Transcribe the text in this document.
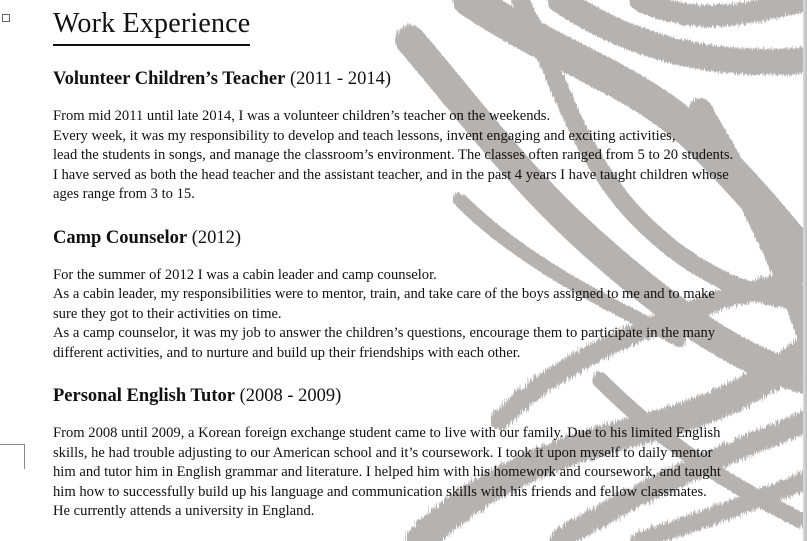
Work Experience
Volunteer Children’s Teacher (2011 - 2014)

From mid 2011 until late 2014, I was a volunteer children’s teacher on the weekends.
Every week, it was my responsibility to develop and teach lessons, invent engaging and exciting activities,
lead the students in songs, and manage the classroom’s environment. The classes often ranged from 5 to 20 students.
I have served as both the head teacher and the assistant teacher, and in the past 4 years I have taught children whose
ages range from 3 to 15.

Camp Counselor (2012)

For the summer of 2012 I was a cabin leader and camp counselor.
As a cabin leader, my responsibilities were to mentor, train, and take care of the boys assigned to me and to make
sure they got to their activities on time.
As a camp counselor, it was my job to answer the children’s questions, encourage them to participate in the many
different activities, and to nurture and build up their friendships with each other.

Personal English Tutor (2008 - 2009)

From 2008 until 2009, a Korean foreign exchange student came to live with our family. Due to his limited English
skills, he had trouble adjusting to our American school and it’s coursework. I took it upon myself to daily mentor
him and tutor him in English grammar and literature. I helped him with his homework and coursework, and taught
him how to successfully build up his language and communication skills with his friends and fellow classmates.
He currently attends a university in England.
